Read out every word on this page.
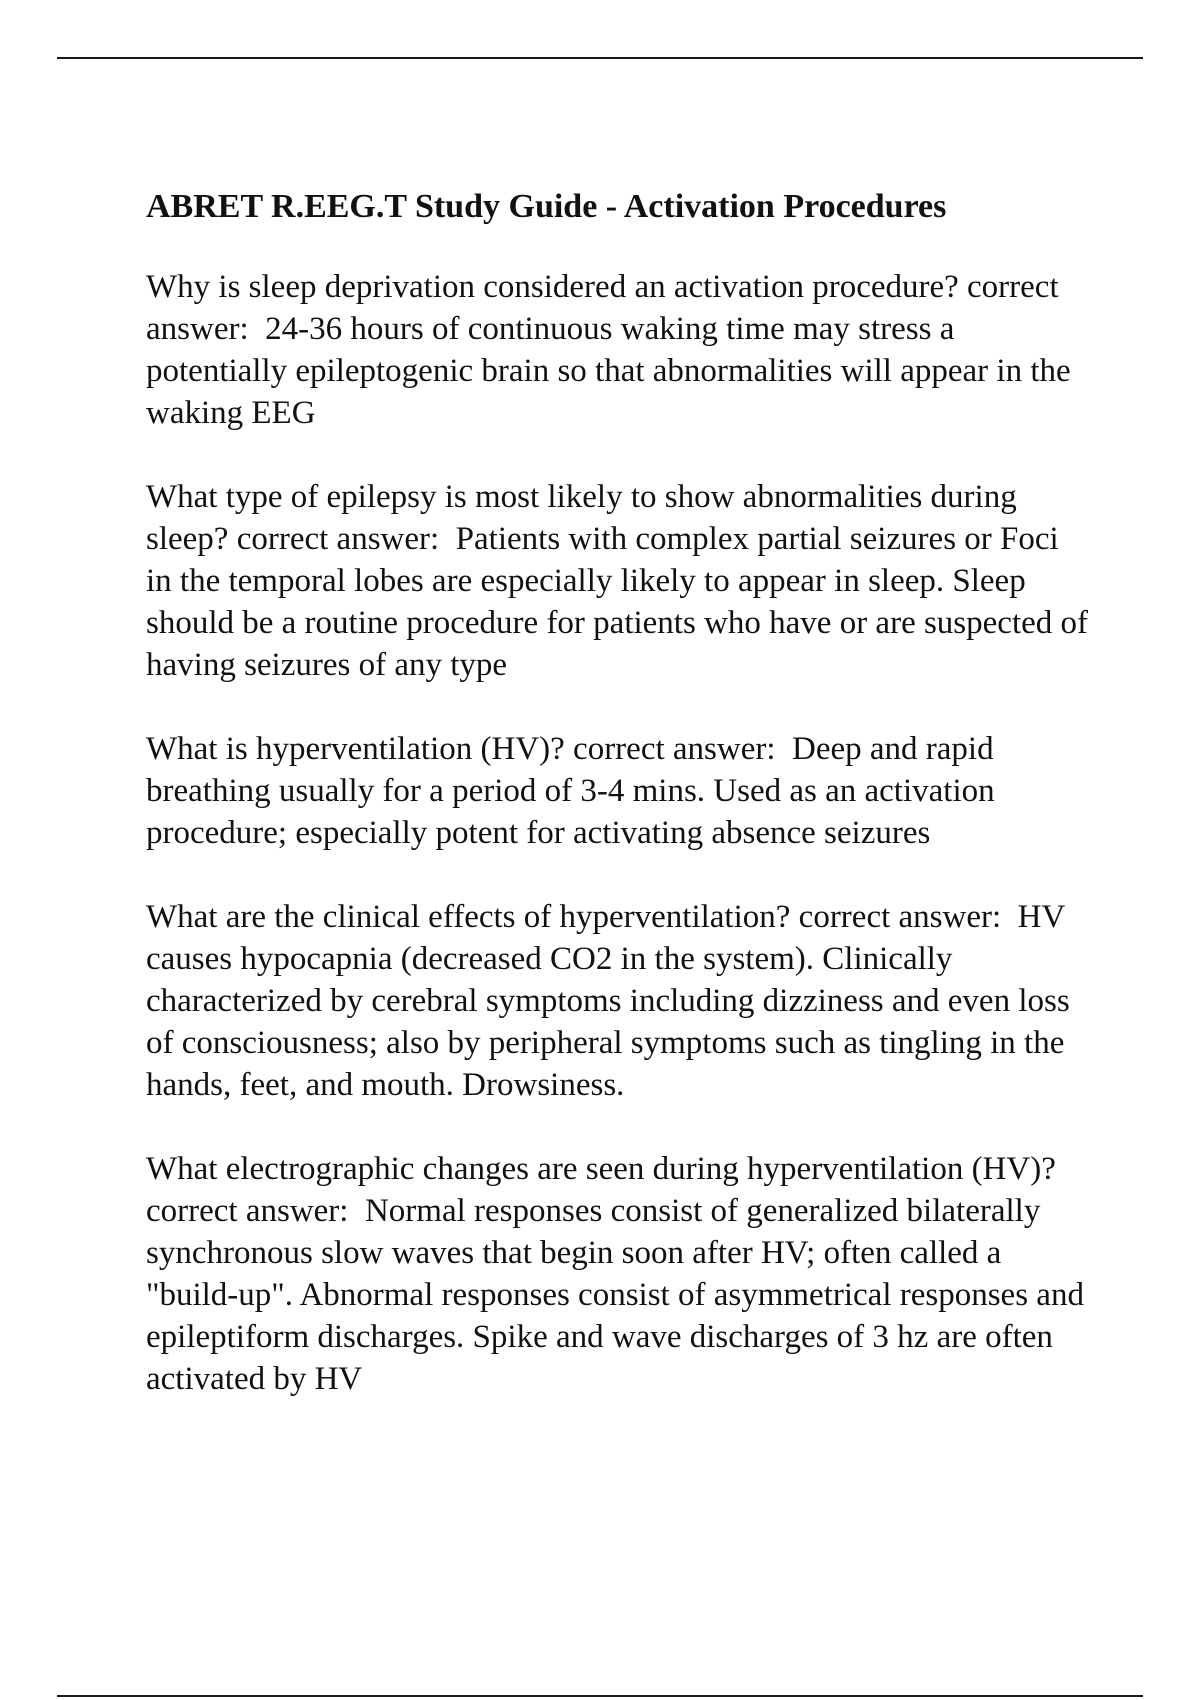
ABRET R.EEG.T Study Guide - Activation Procedures

Why is sleep deprivation considered an activation procedure? correct answer: 24-36 hours of continuous waking time may stress a potentially epileptogenic brain so that abnormalities will appear in the waking EEG

What type of epilepsy is most likely to show abnormalities during sleep? correct answer: Patients with complex partial seizures or Foci in the temporal lobes are especially likely to appear in sleep. Sleep should be a routine procedure for patients who have or are suspected of having seizures of any type

What is hyperventilation (HV)? correct answer: Deep and rapid breathing usually for a period of 3-4 mins. Used as an activation procedure; especially potent for activating absence seizures

What are the clinical effects of hyperventilation? correct answer: HV causes hypocapnia (decreased CO2 in the system). Clinically characterized by cerebral symptoms including dizziness and even loss of consciousness; also by peripheral symptoms such as tingling in the hands, feet, and mouth. Drowsiness.

What electrographic changes are seen during hyperventilation (HV)? correct answer: Normal responses consist of generalized bilaterally synchronous slow waves that begin soon after HV; often called a "build-up". Abnormal responses consist of asymmetrical responses and epileptiform discharges. Spike and wave discharges of 3 hz are often activated by HV
